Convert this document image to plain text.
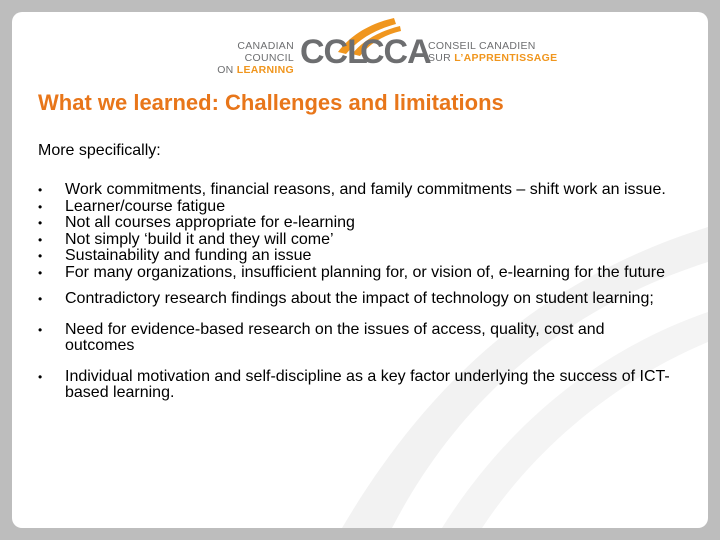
CANADIAN COUNCIL
ON LEARNING CCL
CCA
CONSEIL CANADIEN
SUR L’APPRENTISSAGE
What we learned: Challenges and limitations
More specifically:
• Work commitments, financial reasons, and family commitments – shift work an issue.
• Learner/course fatigue
• Not all courses appropriate for e-learning
• Not simply ‘build it and they will come’
• Sustainability and funding an issue
• For many organizations, insufficient planning for, or vision of, e-learning for the future
• Contradictory research findings about the impact of technology on student learning;
• Need for evidence-based research on the issues of access, quality, cost and outcomes
• Individual motivation and self-discipline as a key factor underlying the success of ICT-based learning.
